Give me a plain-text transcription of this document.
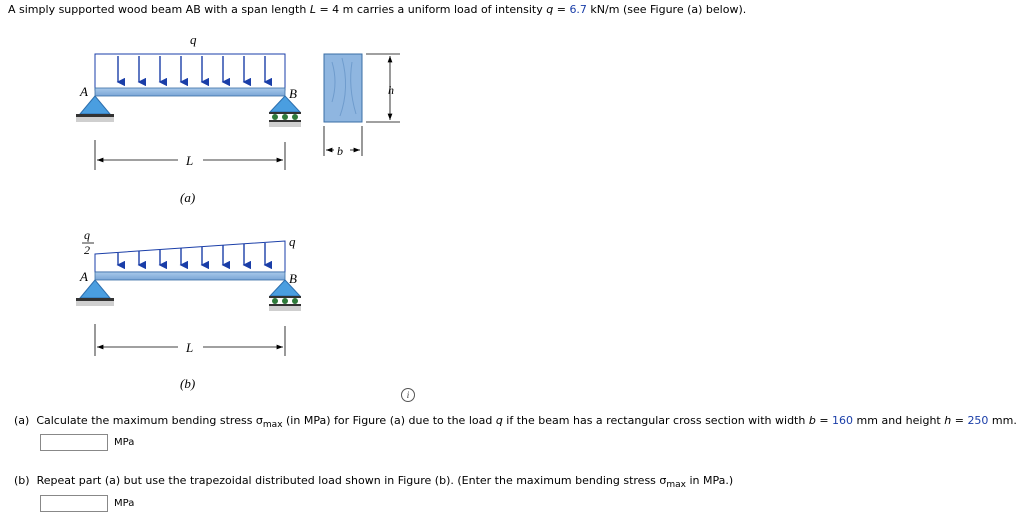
A simply supported wood beam AB with a span length L = 4 m carries a uniform load of intensity q = 6.7 kN/m (see Figure (a) below).
q
A	B
L
(a)
h
b
q
2
q
A	B
L
(b)
i
(a) Calculate the maximum bending stress $\sigma_{max}$ (in MPa) for Figure (a) due to the load q if the beam has a rectangular cross section with width b = 160 mm and height h = 250 mm.
MPa
(b) Repeat part (a) but use the trapezoidal distributed load shown in Figure (b). (Enter the maximum bending stress $\sigma_{max}$ in MPa.)
MPa
